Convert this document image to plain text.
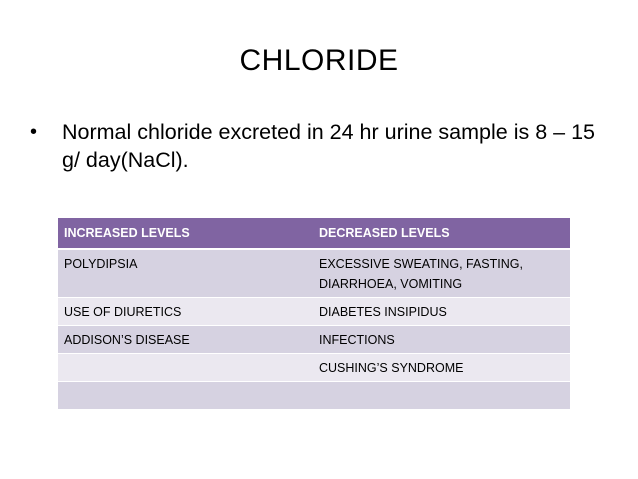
CHLORIDE
• Normal chloride excreted in 24 hr urine sample is 8 – 15 g/ day(NaCl).
INCREASED LEVELS	DECREASED LEVELS
POLYDIPSIA	EXCESSIVE SWEATING, FASTING, DIARRHOEA, VOMITING
USE OF DIURETICS	DIABETES INSIPIDUS
ADDISON’S DISEASE	INFECTIONS
	CUSHING’S SYNDROME
